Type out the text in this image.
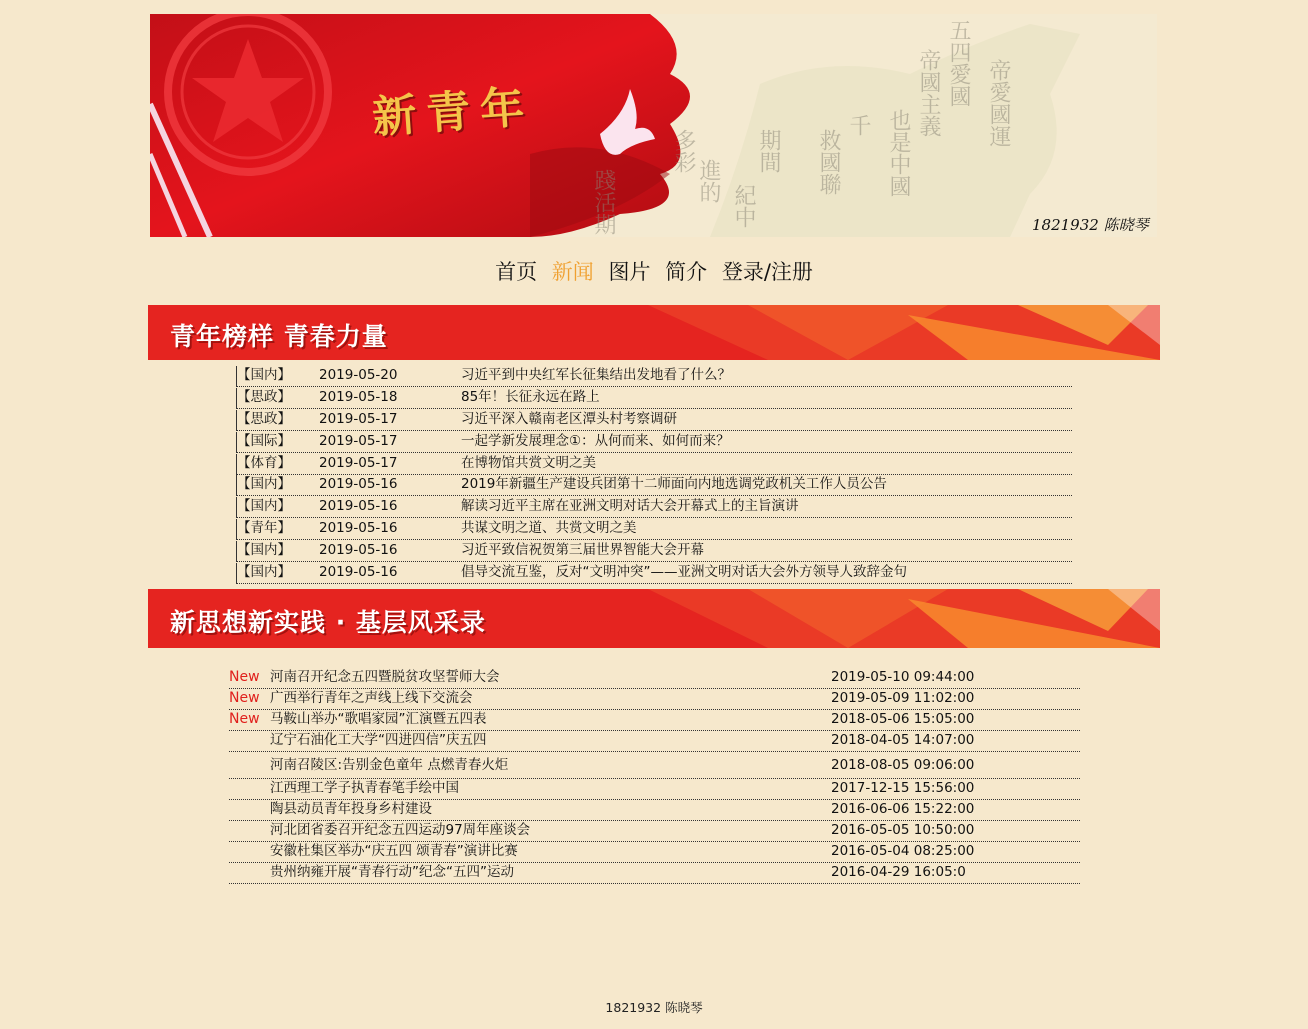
五四愛國
帝國主義 帝愛國運
也是中國
救國聯
千
期間
多彩
進的
踐活期	紀中
新青年
1821932 陈晓琴
首页 新闻 图片 简介 登录/注册
青年榜样 青春力量
【国内】 2019-05-20	习近平到中央红军长征集结出发地看了什么？
【思政】 2019-05-18	85年！长征永远在路上
【思政】 2019-05-17	习近平深入赣南老区潭头村考察调研
【国际】 2019-05-17	一起学新发展理念①：从何而来、如何而来？
【体育】 2019-05-17	在博物馆共赏文明之美
【国内】 2019-05-16	2019年新疆生产建设兵团第十二师面向内地选调党政机关工作人员公告
【国内】 2019-05-16	解读习近平主席在亚洲文明对话大会开幕式上的主旨演讲
【青年】 2019-05-16	共谋文明之道、共赏文明之美
【国内】 2019-05-16	习近平致信祝贺第三届世界智能大会开幕
【国内】 2019-05-16	倡导交流互鉴，反对“文明冲突”——亚洲文明对话大会外方领导人致辞金句
新思想新实践 · 基层风采录
New 河南召开纪念五四暨脱贫攻坚誓师大会	2019-05-10 09:44:00
New 广西举行青年之声线上线下交流会	2019-05-09 11:02:00
New 马鞍山举办“歌唱家园”汇演暨五四表	2018-05-06 15:05:00
辽宁石油化工大学“四进四信”庆五四	2018-04-05 14:07:00
河南召陵区:告别金色童年 点燃青春火炬	2018-08-05 09:06:00
江西理工学子执青春笔手绘中国	2017-12-15 15:56:00
陶县动员青年投身乡村建设	2016-06-06 15:22:00
河北团省委召开纪念五四运动97周年座谈会	2016-05-05 10:50:00
安徽杜集区举办“庆五四 颂青春”演讲比赛	2016-05-04 08:25:00
贵州纳雍开展“青春行动”纪念“五四”运动	2016-04-29 16:05:0
1821932 陈晓琴
